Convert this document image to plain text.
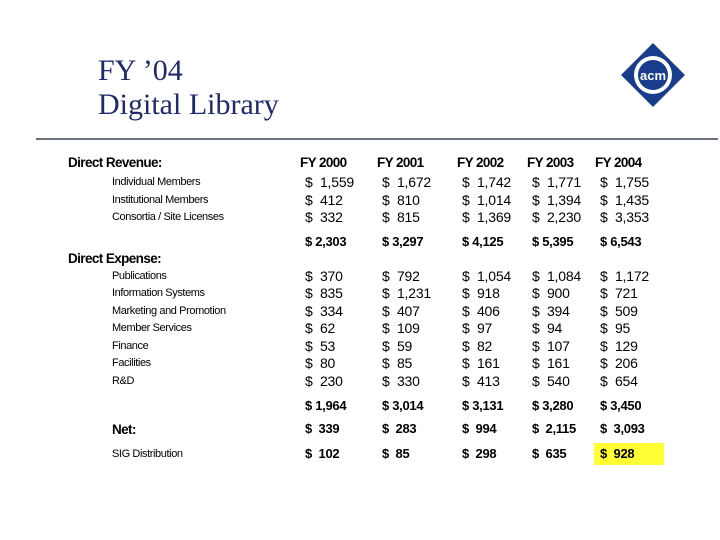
FY ’04
Digital Library
acm
Direct Revenue:	FY 2000 FY 2001 FY 2002 FY 2003 FY 2004
Individual Members	$  1,559 $  1,672 $  1,742 $  1,771 $  1,755
Institutional Members	$  412	$  810	$  1,014 $  1,394 $  1,435
Consortia / Site Licenses	$  332	$  815	$  1,369 $  2,230 $  3,353
$ 2,303	$ 3,297	$ 4,125 $ 5,395 $ 6,543
Direct Expense:
Publications	$  370	$  792	$  1,054 $  1,084 $  1,172
Information Systems	$  835	$  1,231 $  918 $  900 $  721
Marketing and Promotion	$  334	$  407	$  406 $  394 $  509
Member Services	$  62	$  109	$  97	$  94	$  95
Finance	$  53	$  59	$  82	$  107 $  129
Facilities	$  80	$  85	$  161 $  161 $  206
R&D	$  230	$  330	$  413 $  540 $  654
$ 1,964	$ 3,014	$ 3,131 $ 3,280 $ 3,450
Net:	$  339	$  283	$  994	$  2,115 $  3,093
SIG Distribution	$  102	$  85	$  298	$  635	$  928
